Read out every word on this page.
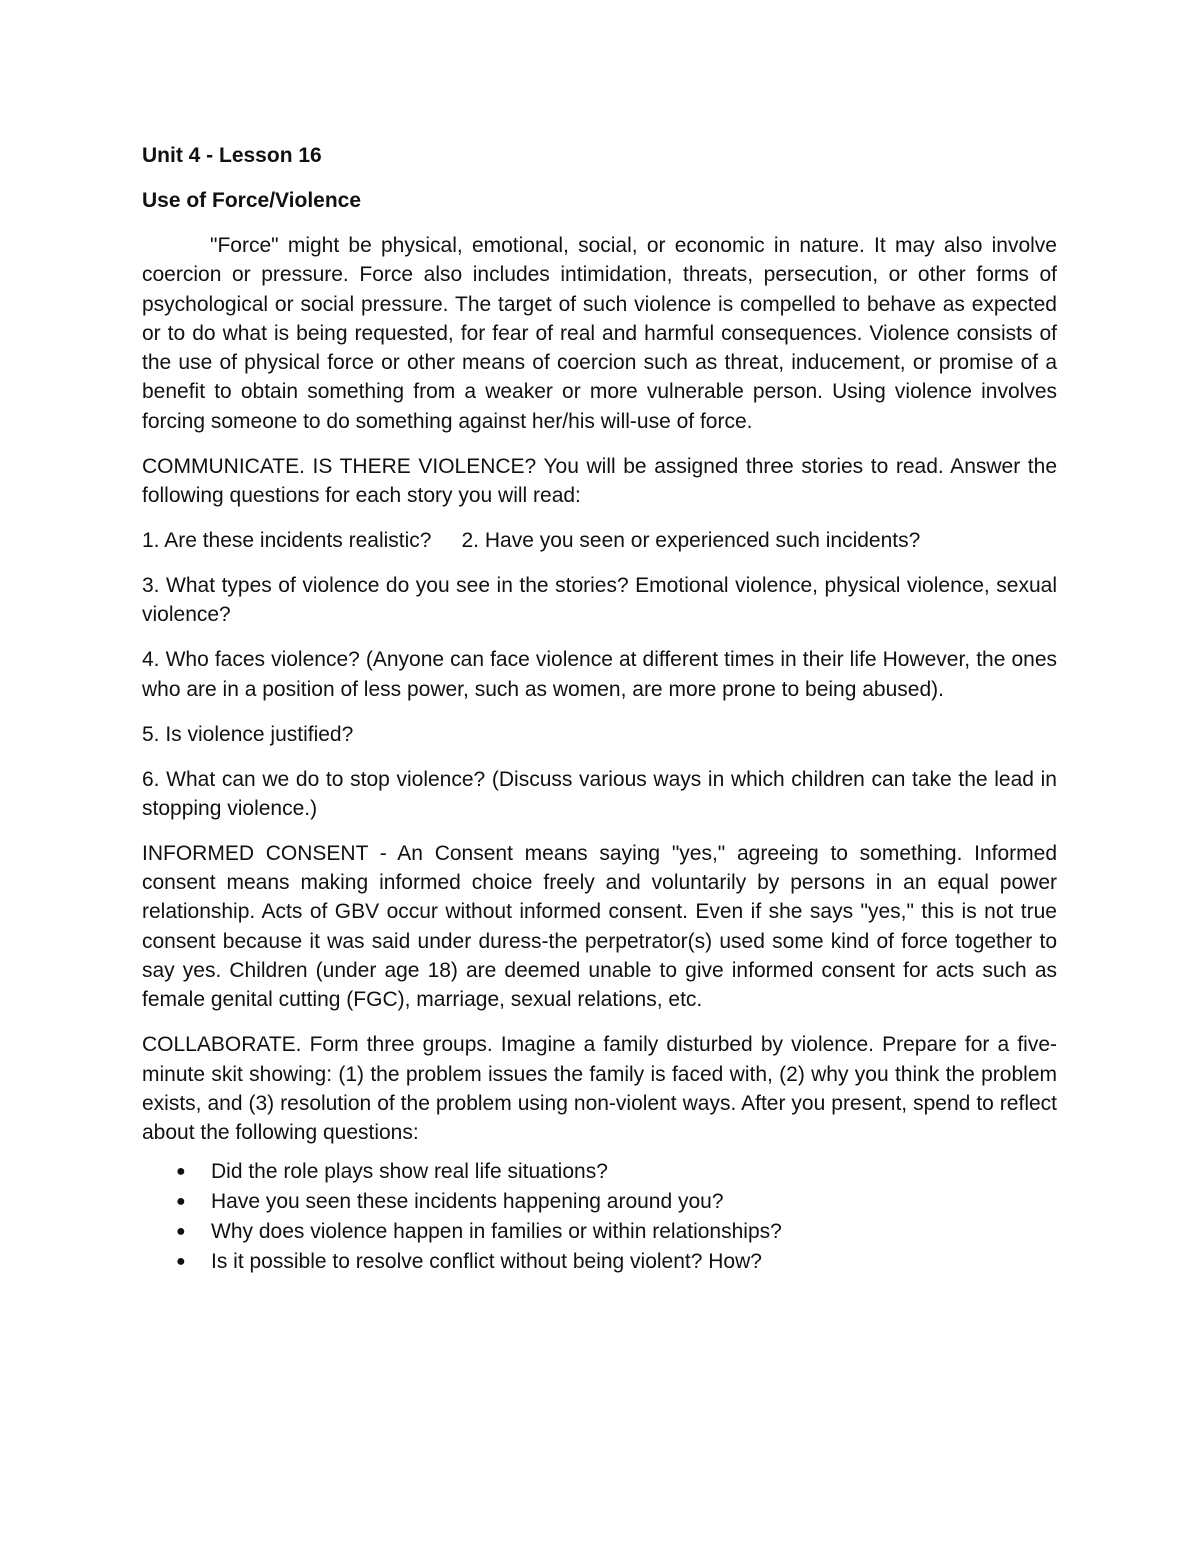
Unit 4 - Lesson 16

Use of Force/Violence

"Force" might be physical, emotional, social, or economic in nature. It may also involve coercion or pressure. Force also includes intimidation, threats, persecution, or other forms of psychological or social pressure. The target of such violence is compelled to behave as expected or to do what is being requested, for fear of real and harmful consequences. Violence consists of the use of physical force or other means of coercion such as threat, inducement, or promise of a benefit to obtain something from a weaker or more vulnerable person. Using violence involves forcing someone to do something against her/his will-use of force.

COMMUNICATE. IS THERE VIOLENCE? You will be assigned three stories to read. Answer the following questions for each story you will read:

1. Are these incidents realistic? 2. Have you seen or experienced such incidents?

3. What types of violence do you see in the stories? Emotional violence, physical violence, sexual violence?

4. Who faces violence? (Anyone can face violence at different times in their life However, the ones who are in a position of less power, such as women, are more prone to being abused).

5. Is violence justified?

6. What can we do to stop violence? (Discuss various ways in which children can take the lead in stopping violence.)

INFORMED CONSENT - An Consent means saying "yes," agreeing to something. Informed consent means making informed choice freely and voluntarily by persons in an equal power relationship. Acts of GBV occur without informed consent. Even if she says "yes," this is not true consent because it was said under duress-the perpetrator(s) used some kind of force together to say yes. Children (under age 18) are deemed unable to give informed consent for acts such as female genital cutting (FGC), marriage, sexual relations, etc.

COLLABORATE. Form three groups. Imagine a family disturbed by violence. Prepare for a five-minute skit showing: (1) the problem issues the family is faced with, (2) why you think the problem exists, and (3) resolution of the problem using non-violent ways. After you present, spend to reflect about the following questions:

● Did the role plays show real life situations?
● Have you seen these incidents happening around you?
● Why does violence happen in families or within relationships?
● Is it possible to resolve conflict without being violent? How?
